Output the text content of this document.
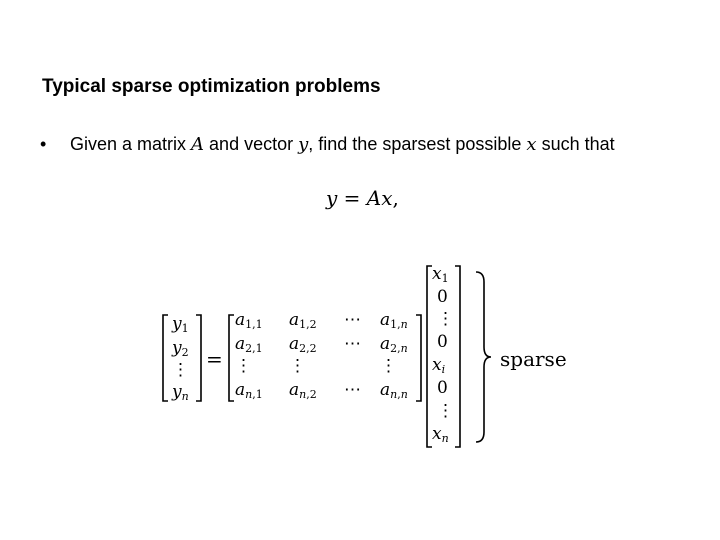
Typical sparse optimization problems
• Given a matrix A and vector y, find the sparsest possible x such that
y = Ax,
=	sparse
$y_1$
$y_2$
⋮
$y_n$
$a_{1,1}$ $a_{1,2}$ ⋯ $a_{1,n}$
$a_{2,1}$ $a_{2,2}$ ⋯ $a_{2,n}$
⋮ ⋮	⋮
$a_{n,1}$ $a_{n,2}$ ⋯ $a_{n,n}$
$x_1$
0
⋮
0
$x_i$
0
⋮
$x_n$
